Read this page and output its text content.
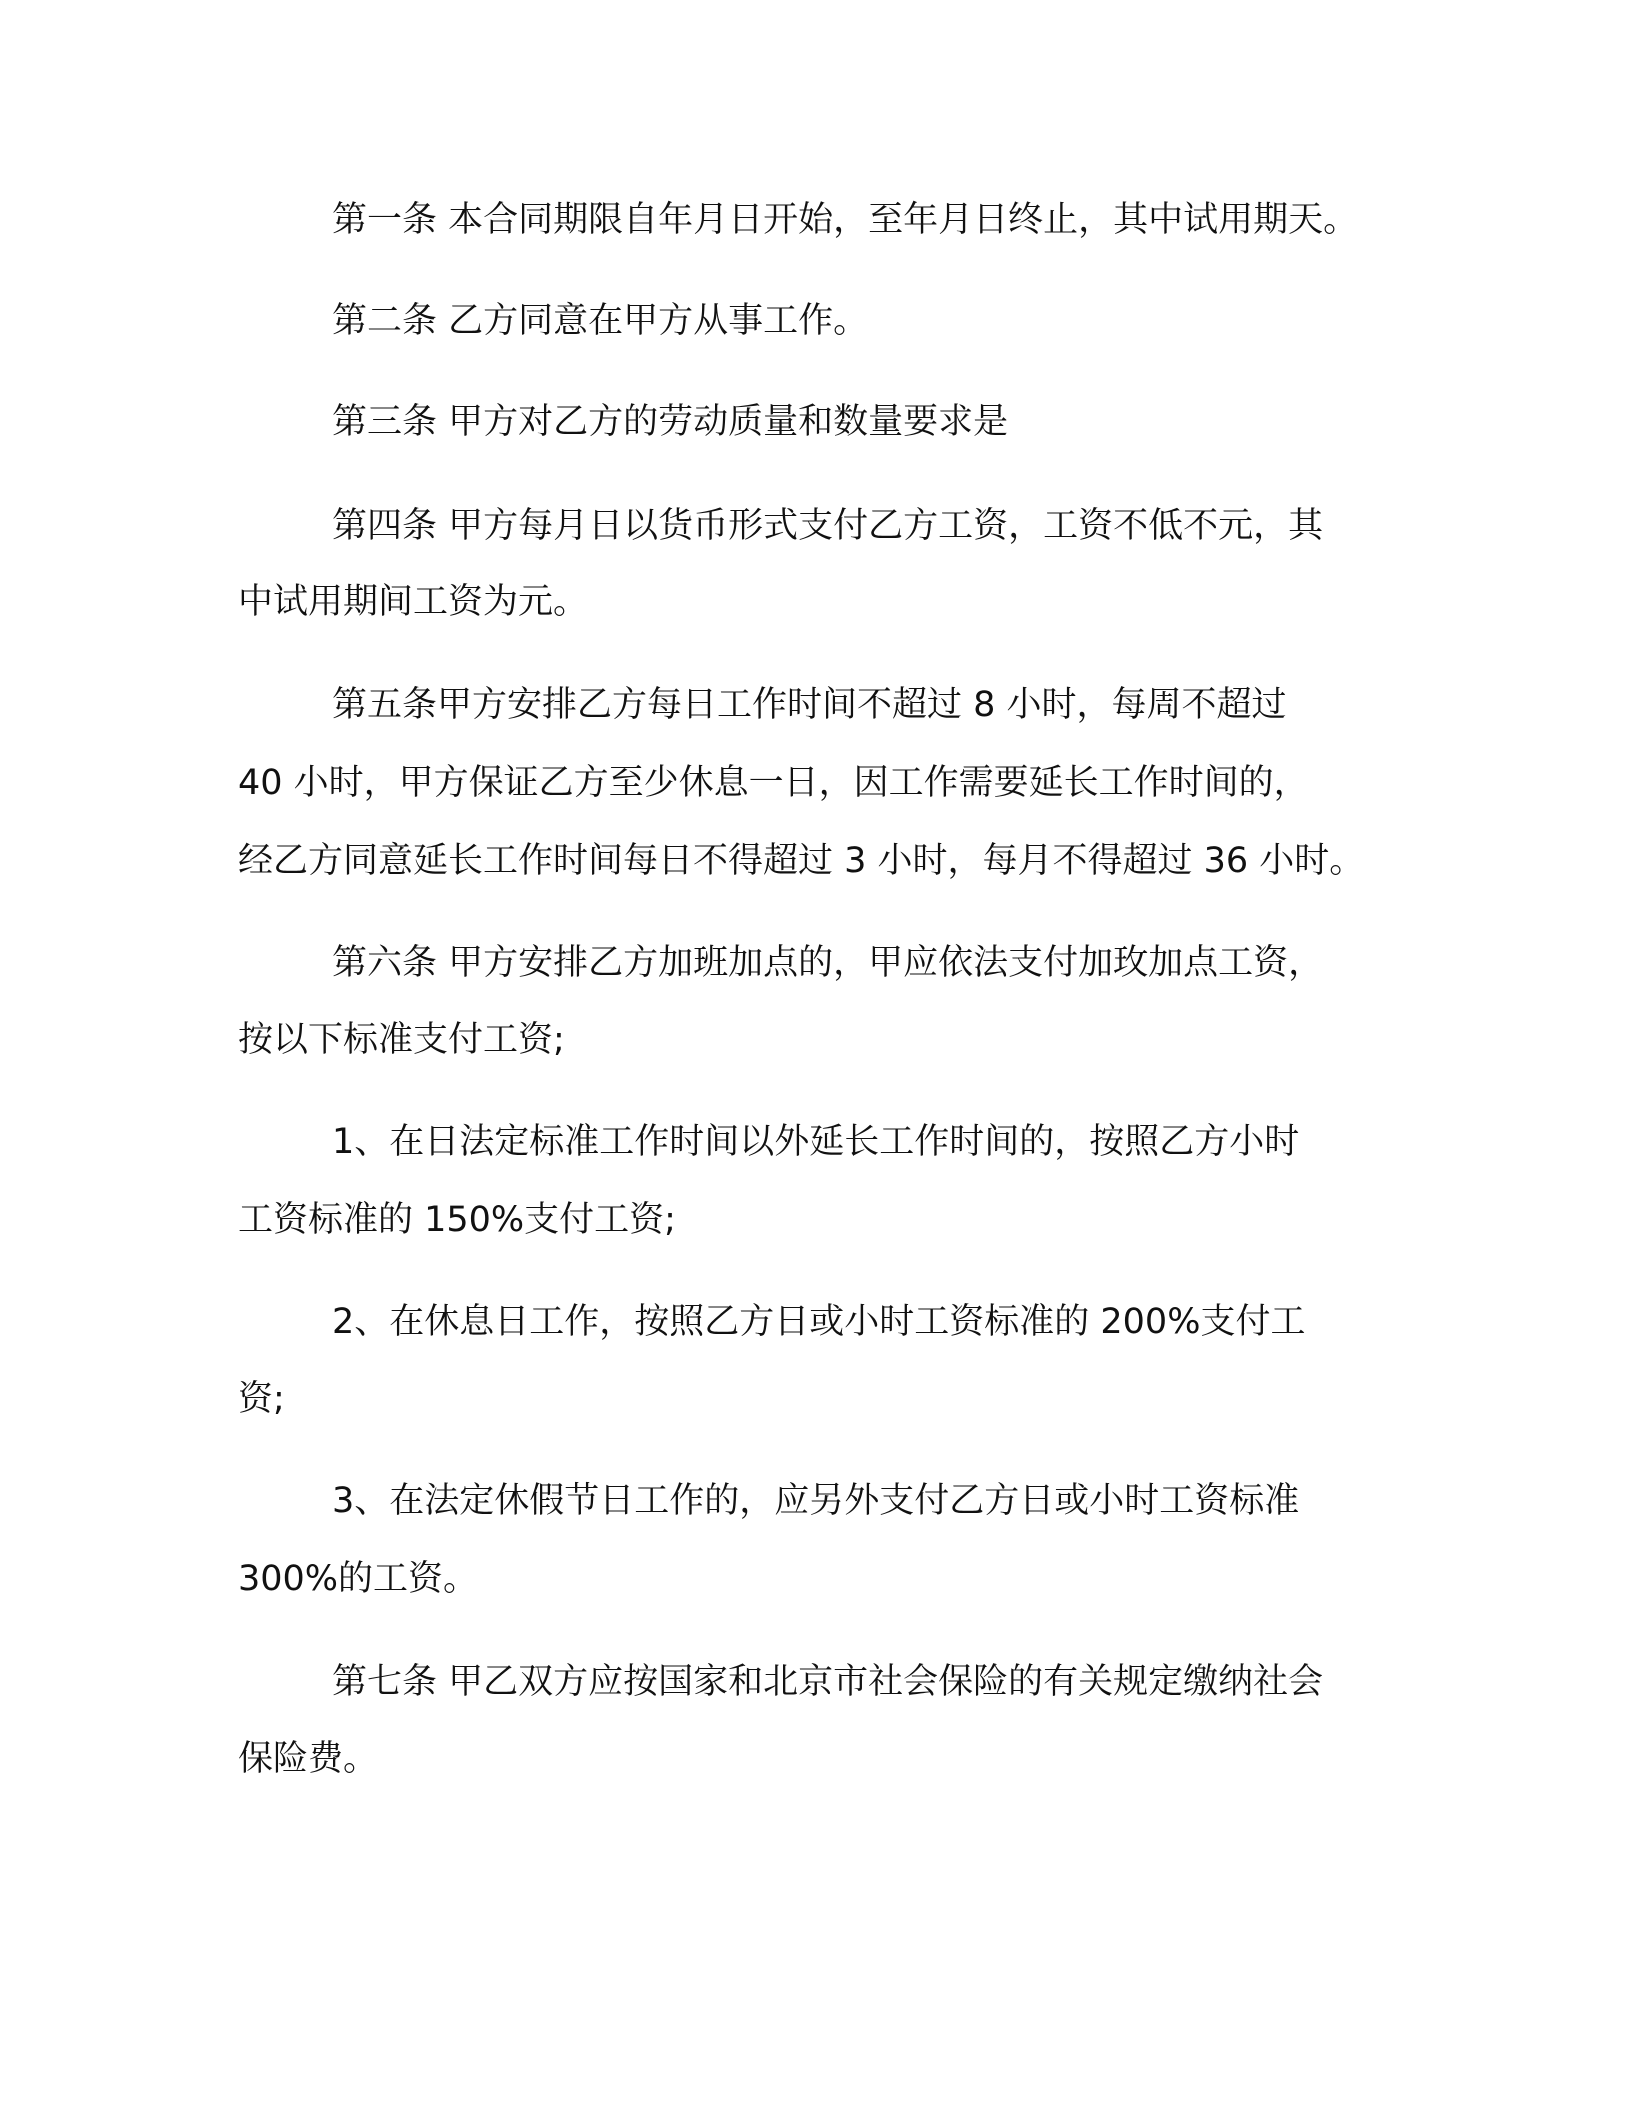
第一条 本合同期限自年月日开始，至年月日终止，其中试用期天。
第二条 乙方同意在甲方从事工作。
第三条 甲方对乙方的劳动质量和数量要求是
第四条 甲方每月日以货币形式支付乙方工资，工资不低不元，其
中试用期间工资为元。
第五条甲方安排乙方每日工作时间不超过 8 小时，每周不超过
40 小时，甲方保证乙方至少休息一日，因工作需要延长工作时间的，
经乙方同意延长工作时间每日不得超过 3 小时，每月不得超过 36 小时。
第六条 甲方安排乙方加班加点的，甲应依法支付加玫加点工资，
按以下标准支付工资;
1、在日法定标准工作时间以外延长工作时间的，按照乙方小时
工资标准的 150%支付工资;
2、在休息日工作，按照乙方日或小时工资标准的 200%支付工
资;
3、在法定休假节日工作的，应另外支付乙方日或小时工资标准
300%的工资。
第七条 甲乙双方应按国家和北京市社会保险的有关规定缴纳社会
保险费。
